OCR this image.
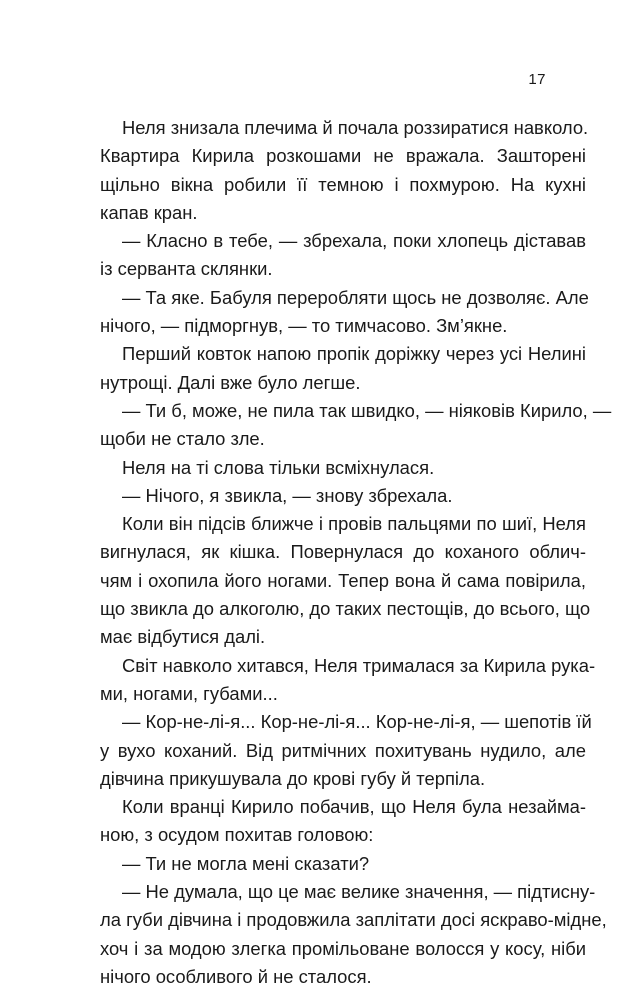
17
Неля знизала плечима й почала роззиратися навколо.
Квартира Кирила розкошами не вражала. Зашторені
щільно вікна робили її темною і похмурою. На кухні
капав кран.
— Класно в тебе, — збрехала, поки хлопець діставав
із серванта склянки.
— Та яке. Бабуля переробляти щось не дозволяє. Але
нічого, — підморгнув, — то тимчасово. Зм’якне.
Перший ковток напою пропік доріжку через усі Нелині
нутрощі. Далі вже було легше.
— Ти б, може, не пила так швидко, — ніяковів Кирило, —
щоби не стало зле.
Неля на ті слова тільки всміхнулася.
— Нічого, я звикла, — знову збрехала.
Коли він підсів ближче і провів пальцями по шиї, Неля
вигнулася, як кішка. Повернулася до коханого облич-
чям і охопила його ногами. Тепер вона й сама повірила,
що звикла до алкоголю, до таких пестощів, до всього, що
має відбутися далі.
Світ навколо хитався, Неля трималася за Кирила рука-
ми, ногами, губами...
— Кор-не-лі-я... Кор-не-лі-я... Кор-не-лі-я, — шепотів їй
у вухо коханий. Від ритмічних похитувань нудило, але
дівчина прикушувала до крові губу й терпіла.
Коли вранці Кирило побачив, що Неля була незайма-
ною, з осудом похитав головою:
— Ти не могла мені сказати?
— Не думала, що це має велике значення, — підтисну-
ла губи дівчина і продовжила заплітати досі яскраво-мідне,
хоч і за модою злегка промільоване волосся у косу, ніби
нічого особливого й не сталося.
